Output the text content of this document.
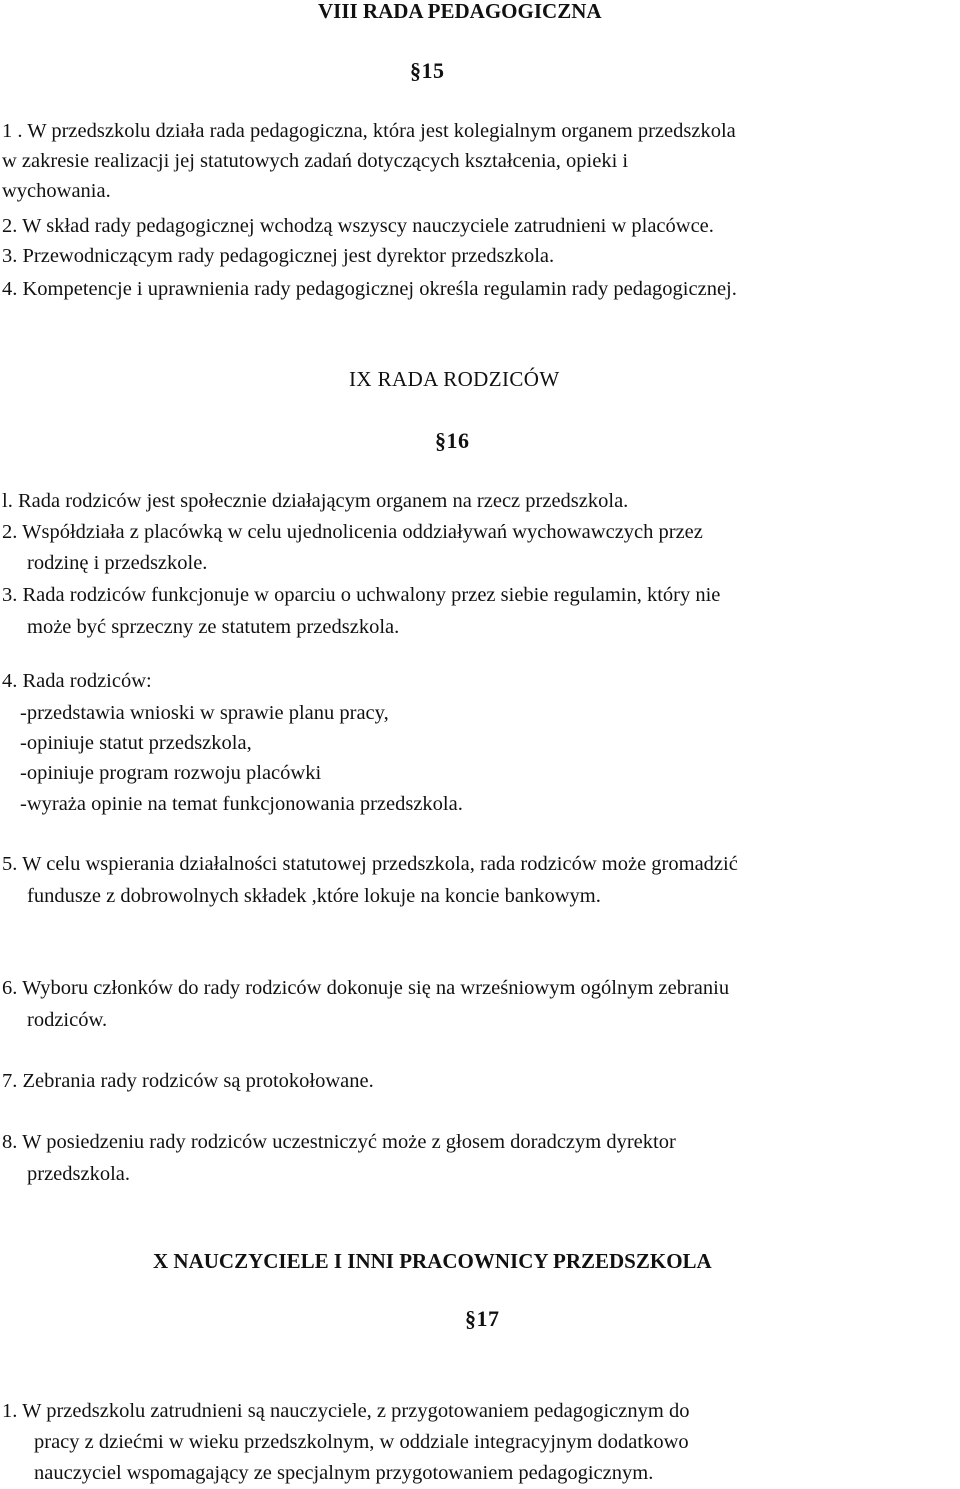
VIII RADA PEDAGOGICZNA
§15
1 . W przedszkolu działa rada pedagogiczna, która jest kolegialnym organem przedszkola
w zakresie realizacji jej statutowych zadań dotyczących kształcenia, opieki i
wychowania.
2. W skład rady pedagogicznej wchodzą wszyscy nauczyciele zatrudnieni w placówce.
3. Przewodniczącym rady pedagogicznej jest dyrektor przedszkola.
4. Kompetencje i uprawnienia rady pedagogicznej określa regulamin rady pedagogicznej.
IX RADA RODZICÓW
§16
l. Rada rodziców jest społecznie działającym organem na rzecz przedszkola.
2. Współdziała z placówką w celu ujednolicenia oddziaływań wychowawczych przez
rodzinę i przedszkole.
3. Rada rodziców funkcjonuje w oparciu o uchwalony przez siebie regulamin, który nie
może być sprzeczny ze statutem przedszkola.
4. Rada rodziców:
-przedstawia wnioski w sprawie planu pracy,
-opiniuje statut przedszkola,
-opiniuje program rozwoju placówki
-wyraża opinie na temat funkcjonowania przedszkola.
5. W celu wspierania działalności statutowej przedszkola, rada rodziców może gromadzić
fundusze z dobrowolnych składek ,które lokuje na koncie bankowym.
6. Wyboru członków do rady rodziców dokonuje się na wrześniowym ogólnym zebraniu
rodziców.
7. Zebrania rady rodziców są protokołowane.
8. W posiedzeniu rady rodziców uczestniczyć może z głosem doradczym dyrektor
przedszkola.
X NAUCZYCIELE I INNI PRACOWNICY PRZEDSZKOLA
§17
1. W przedszkolu zatrudnieni są nauczyciele, z przygotowaniem pedagogicznym do
pracy z dziećmi w wieku przedszkolnym, w oddziale integracyjnym dodatkowo
nauczyciel wspomagający ze specjalnym przygotowaniem pedagogicznym.
